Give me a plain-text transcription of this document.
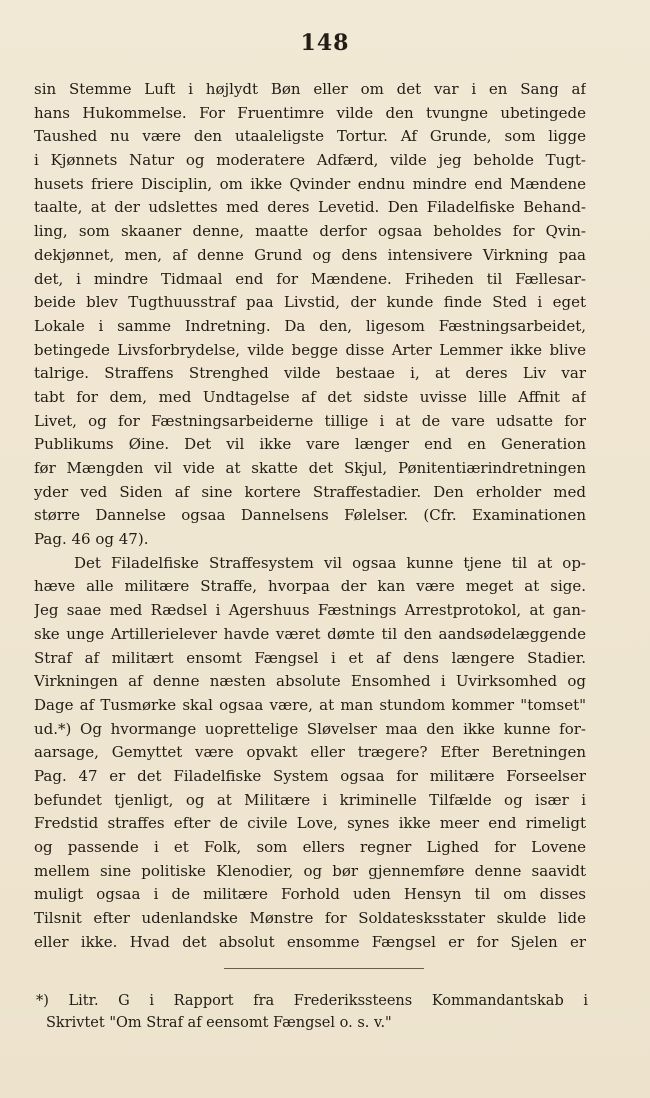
148
sin Stemme Luft i højlydt Bøn eller om det var i en Sang af
hans Hukommelse. For Fruentimre vilde den tvungne ubetingede
Taushed nu være den utaaleligste Tortur. Af Grunde, som ligge
i Kjønnets Natur og moderatere Adfærd, vilde jeg beholde Tugt-
husets friere Disciplin, om ikke Qvinder endnu mindre end Mændene
taalte, at der udslettes med deres Levetid. Den Filadelfiske Behand-
ling, som skaaner denne, maatte derfor ogsaa beholdes for Qvin-
dekjønnet, men, af denne Grund og dens intensivere Virkning paa
det, i mindre Tidmaal end for Mændene. Friheden til Fællesar-
beide blev Tugthuusstraf paa Livstid, der kunde finde Sted i eget
Lokale i samme Indretning. Da den, ligesom Fæstningsarbeidet,
betingede Livsforbrydelse, vilde begge disse Arter Lemmer ikke blive
talrige. Straffens Strenghed vilde bestaae i, at deres Liv var
tabt for dem, med Undtagelse af det sidste uvisse lille Affnit af
Livet, og for Fæstningsarbeiderne tillige i at de vare udsatte for
Publikums Øine. Det vil ikke vare længer end en Generation
før Mængden vil vide at skatte det Skjul, Pønitentiærindretningen
yder ved Siden af sine kortere Straffestadier. Den erholder med
større Dannelse ogsaa Dannelsens Følelser. (Cfr. Examinationen
Pag. 46 og 47).
Det Filadelfiske Straffesystem vil ogsaa kunne tjene til at op-
hæve alle militære Straffe, hvorpaa der kan være meget at sige.
Jeg saae med Rædsel i Agershuus Fæstnings Arrestprotokol, at gan-
ske unge Artillerielever havde været dømte til den aandsødelæggende
Straf af militært ensomt Fængsel i et af dens længere Stadier.
Virkningen af denne næsten absolute Ensomhed i Uvirksomhed og
Dage af Tusmørke skal ogsaa være, at man stundom kommer "tomset"
ud.*) Og hvormange uoprettelige Sløvelser maa den ikke kunne for-
aarsage, Gemyttet være opvakt eller trægere? Efter Beretningen
Pag. 47 er det Filadelfiske System ogsaa for militære Forseelser
befundet tjenligt, og at Militære i kriminelle Tilfælde og især i
Fredstid straffes efter de civile Love, synes ikke meer end rimeligt
og passende i et Folk, som ellers regner Lighed for Lovene
mellem sine politiske Klenodier, og bør gjennemføre denne saavidt
muligt ogsaa i de militære Forhold uden Hensyn til om disses
Tilsnit efter udenlandske Mønstre for Soldatesksstater skulde lide
eller ikke. Hvad det absolut ensomme Fængsel er for Sjelen er
*) Litr. G i Rapport fra Frederikssteens Kommandantskab i
Skrivtet "Om Straf af eensomt Fængsel o. s. v."
